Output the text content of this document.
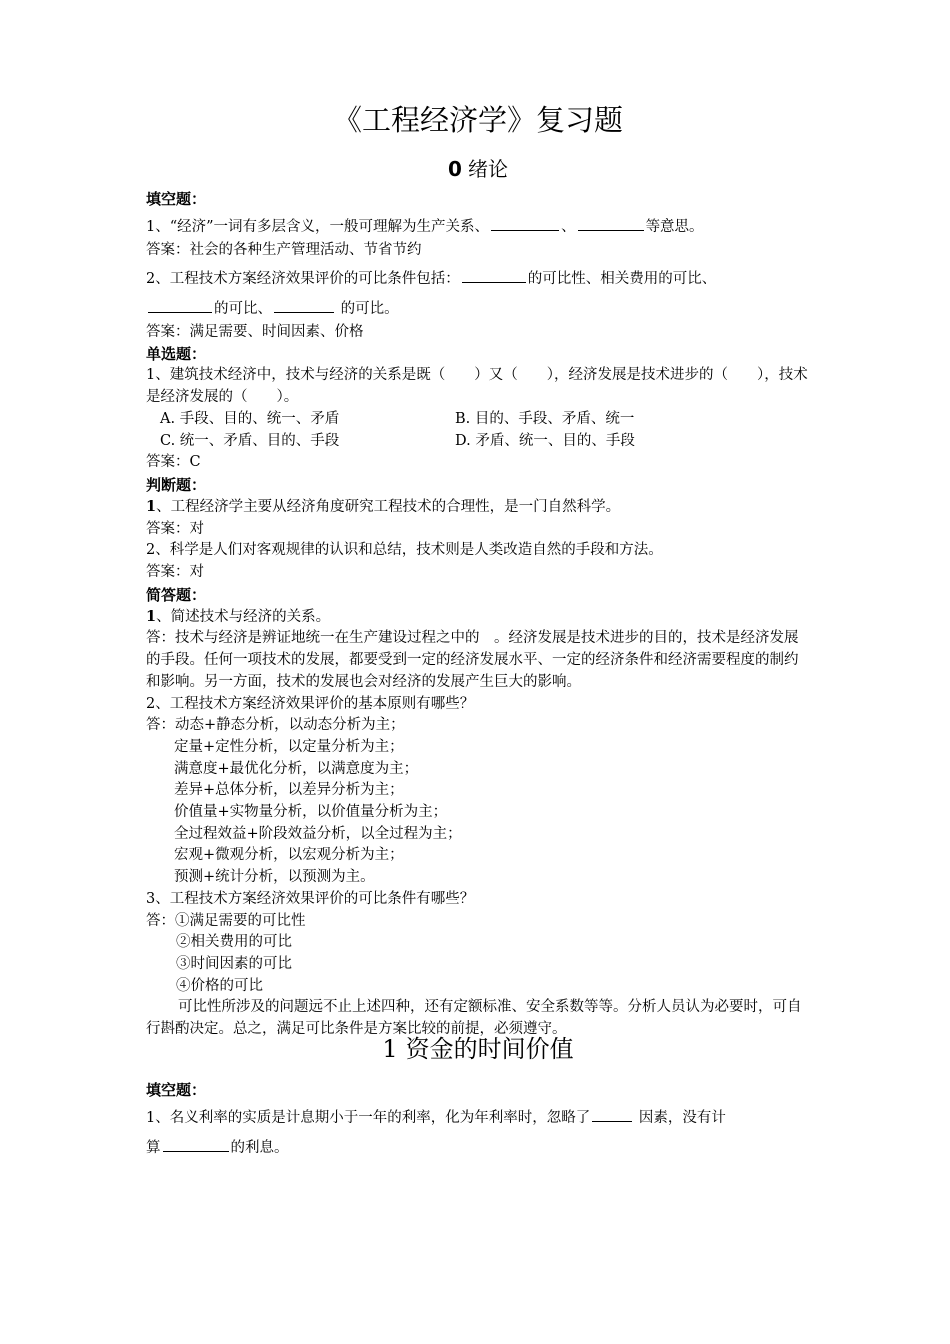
《工程经济学》复习题
0 绪论
填空题：
1、“经济”一词有多层含义，一般可理解为生产关系、	、	等意思。
答案：社会的各种生产管理活动、节省节约
2、工程技术方案经济效果评价的可比条件包括：	的可比性、相关费用的可比、
的可比、	的可比。
答案：满足需要、时间因素、价格
单选题：
1、建筑技术经济中，技术与经济的关系是既（　　）又（　　），经济发展是技术进步的（　　），技术是经济发展的（　　）。
A. 手段、目的、统一、矛盾	B. 目的、手段、矛盾、统一
C. 统一、矛盾、目的、手段	D. 矛盾、统一、目的、手段
答案：C
判断题：
1、工程经济学主要从经济角度研究工程技术的合理性，是一门自然科学。
答案：对
2、科学是人们对客观规律的认识和总结，技术则是人类改造自然的手段和方法。
答案：对
简答题：
1、简述技术与经济的关系。
答：技术与经济是辨证地统一在生产建设过程之中的　。经济发展是技术进步的目的，技术是经济发展的手段。任何一项技术的发展，都要受到一定的经济发展水平、一定的经济条件和经济需要程度的制约和影响。另一方面，技术的发展也会对经济的发展产生巨大的影响。
2、工程技术方案经济效果评价的基本原则有哪些？
答：动态+静态分析，以动态分析为主；
定量+定性分析，以定量分析为主；
满意度+最优化分析，以满意度为主；
差异+总体分析，以差异分析为主；
价值量+实物量分析，以价值量分析为主；
全过程效益+阶段效益分析，以全过程为主；
宏观+微观分析，以宏观分析为主；
预测+统计分析，以预测为主。
3、工程技术方案经济效果评价的可比条件有哪些？
答：①满足需要的可比性
②相关费用的可比
③时间因素的可比
④价格的可比
可比性所涉及的问题远不止上述四种，还有定额标准、安全系数等等。分析人员认为必要时，可自行斟酌决定。总之，满足可比条件是方案比较的前提，必须遵守。
1 资金的时间价值
填空题：
1、名义利率的实质是计息期小于一年的利率，化为年利率时，忽略了	因素，没有计
算	的利息。
